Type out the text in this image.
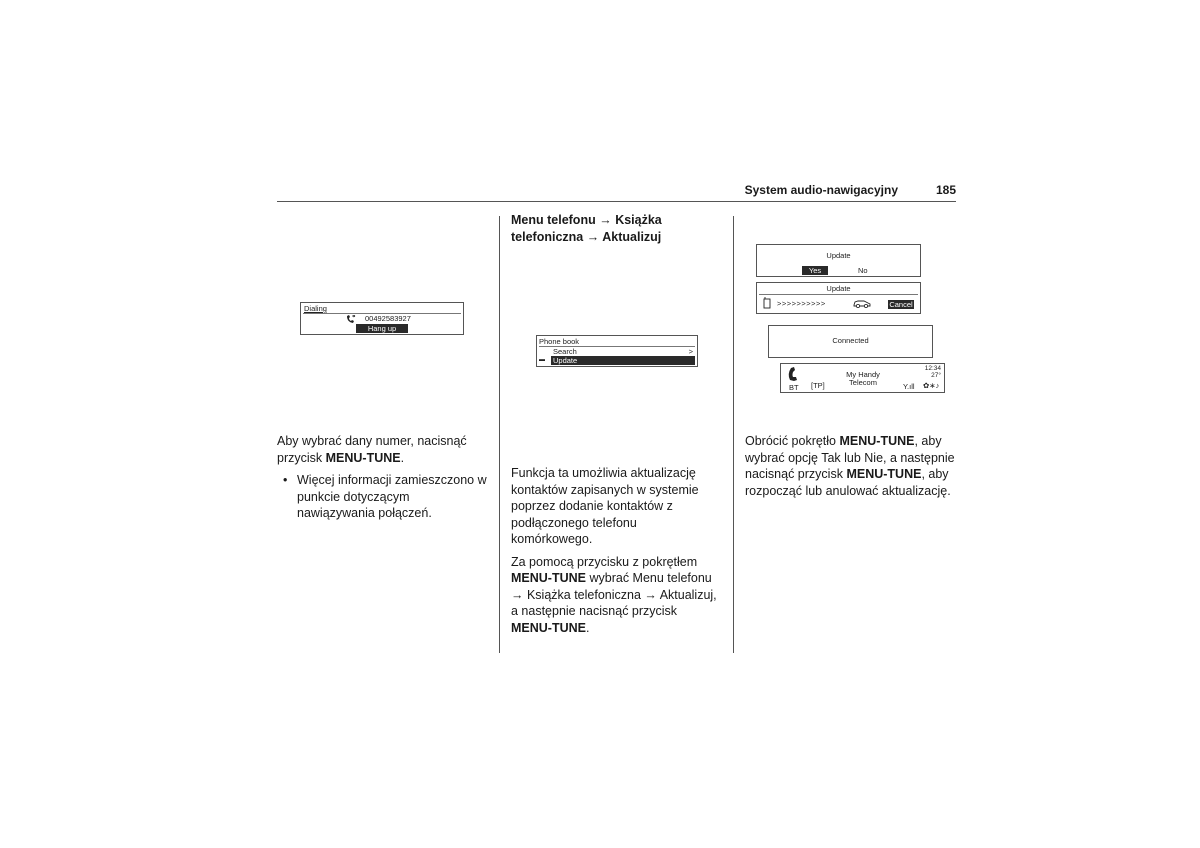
System audio-nawigacyjny	185
Dialing
00492583927
Hang up

Aby wybrać dany numer, nacisnąć przycisk MENU-TUNE.

• Więcej informacji zamieszczono w punkcie dotyczącym nawiązywania połączeń.
Menu telefonu → Książka
telefoniczna → Aktualizuj
Phone book
Search	>
▬ Update

Funkcja ta umożliwia aktualizację kontaktów zapisanych w systemie poprzez dodanie kontaktów z podłączonego telefonu komórkowego.

Za pomocą przycisku z pokrętłem MENU-TUNE wybrać Menu telefonu → Książka telefoniczna → Aktualizuj, a następnie nacisnąć przycisk MENU-TUNE.

Update
Yes	No
Update
>>>>>>>>>>	Cancel
Connected
BT [TP]
My Handy
Telecom
12:34
27°
Y.ıll ✿∗♪

Obrócić pokrętło MENU-TUNE, aby wybrać opcję Tak lub Nie, a następnie nacisnąć przycisk MENU-TUNE, aby rozpocząć lub anulować aktualizację.
